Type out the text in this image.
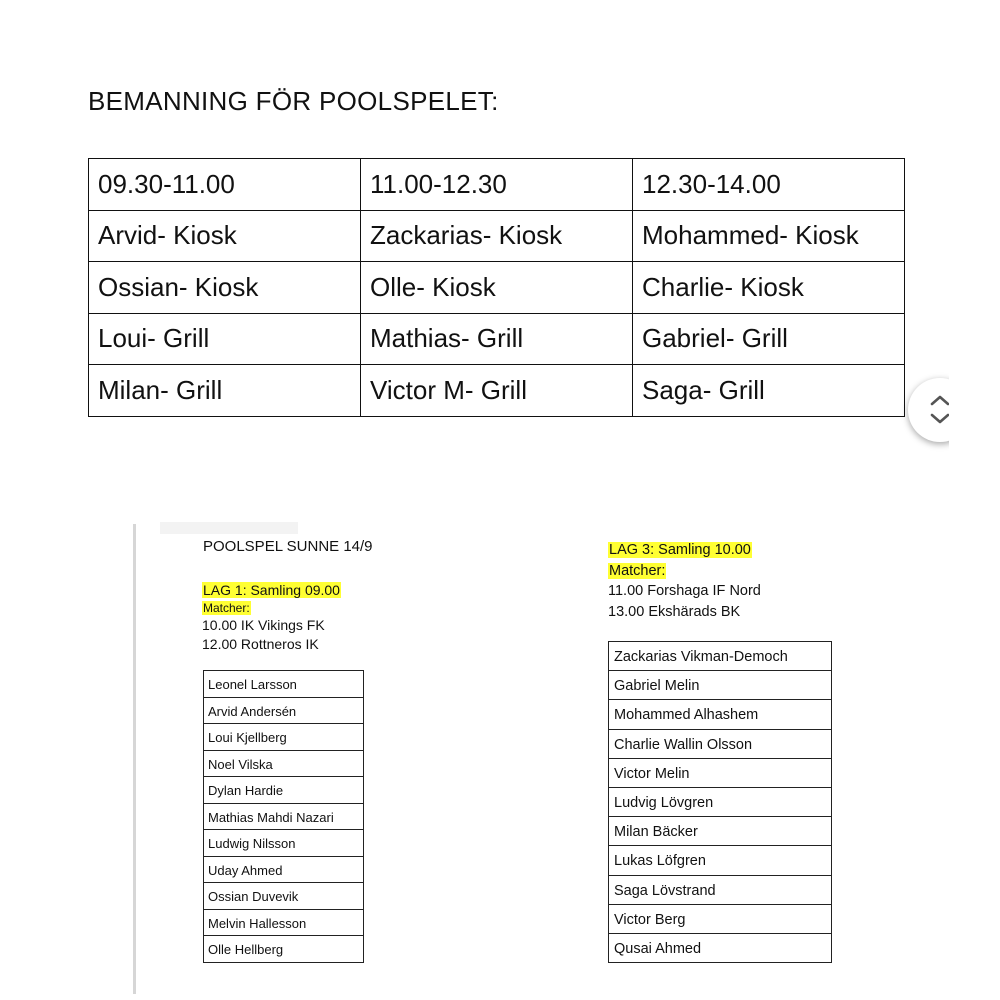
BEMANNING FÖR POOLSPELET:
09.30-11.00	11.00-12.30	12.30-14.00
Arvid- Kiosk	Zackarias- Kiosk	Mohammed- Kiosk
Ossian- Kiosk	Olle- Kiosk	Charlie- Kiosk
Loui- Grill	Mathias- Grill	Gabriel- Grill
Milan- Grill	Victor M- Grill	Saga- Grill
POOLSPEL SUNNE 14/9
LAG 1: Samling 09.00
Matcher:
10.00 IK Vikings FK
12.00 Rottneros IK
Leonel Larsson
Arvid Andersén
Loui Kjellberg
Noel Vilska
Dylan Hardie
Mathias Mahdi Nazari
Ludwig Nilsson
Uday Ahmed
Ossian Duvevik
Melvin Hallesson
Olle Hellberg
LAG 3: Samling 10.00
Matcher:
11.00 Forshaga IF Nord
13.00 Ekshärads BK
Zackarias Vikman-Democh
Gabriel Melin
Mohammed Alhashem
Charlie Wallin Olsson
Victor Melin
Ludvig Lövgren
Milan Bäcker
Lukas Löfgren
Saga Lövstrand
Victor Berg
Qusai Ahmed
